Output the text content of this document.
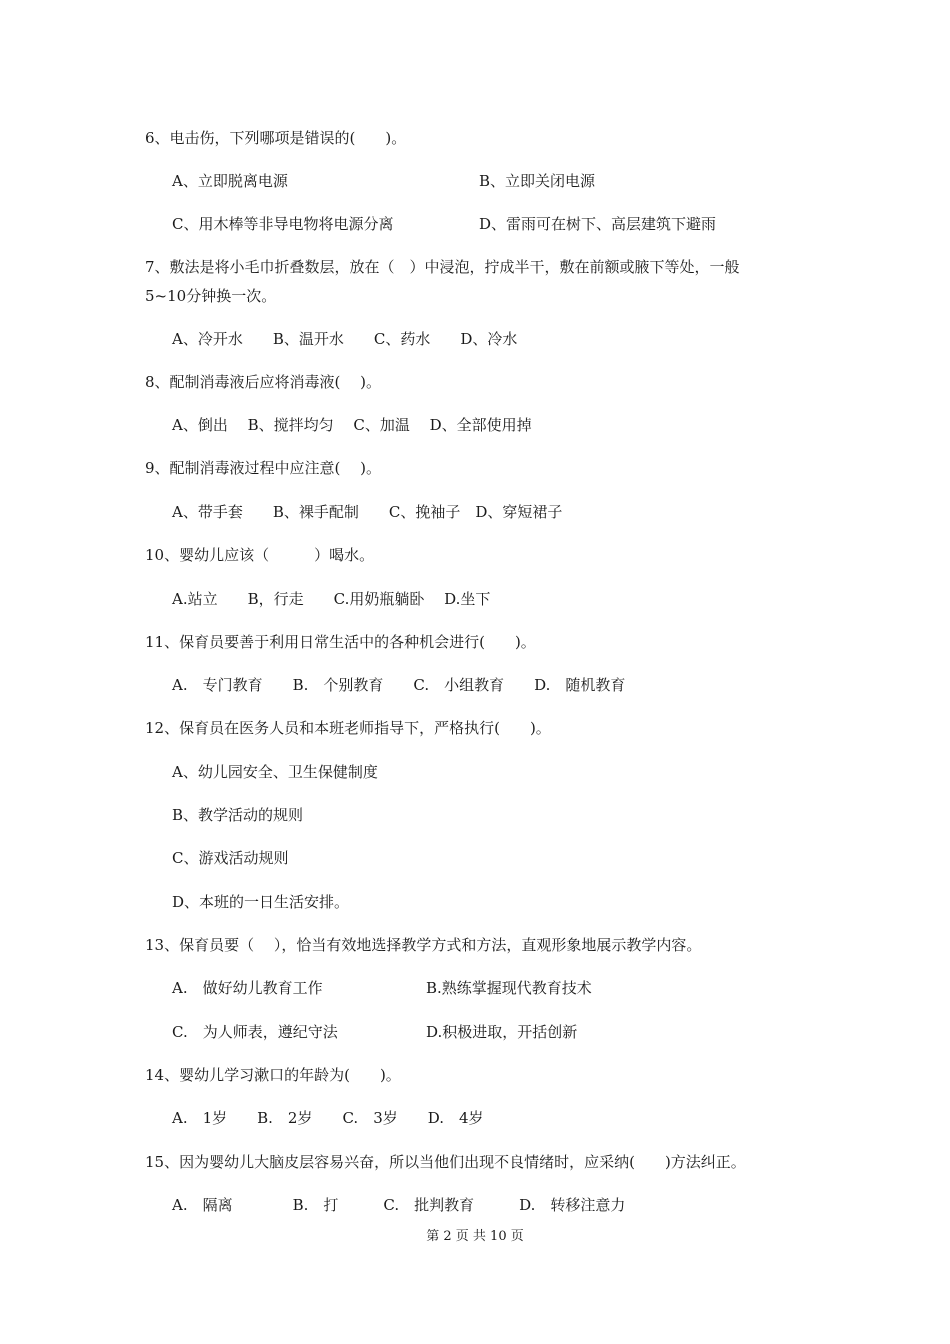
6、电击伤，下列哪项是错误的(　　)。
A、立即脱离电源	B、立即关闭电源
C、用木棒等非导电物将电源分离	D、雷雨可在树下、高层建筑下避雨
7、敷法是将小毛巾折叠数层，放在（　）中浸泡，拧成半干，敷在前额或腋下等处，一般
5~10分钟换一次。
A、冷开水　　B、温开水　　C、药水　　D、冷水
8、配制消毒液后应将消毒液(　 )。
A、倒出　 B、搅拌均匀　 C、加温　 D、全部使用掉
9、配制消毒液过程中应注意(　 )。
A、带手套　　B、裸手配制　　C、挽袖子　D、穿短裙子
10、婴幼儿应该（　　　）喝水。
A.站立　　B，行走　　C.用奶瓶躺卧　 D.坐下
11、保育员要善于利用日常生活中的各种机会进行(　　)。
A.　专门教育　　B.　个别教育　　C.　小组教育　　D.　随机教育
12、保育员在医务人员和本班老师指导下，严格执行(　　)。
A、幼儿园安全、卫生保健制度
B、教学活动的规则
C、游戏活动规则
D、本班的一日生活安排。
13、保育员要（　 ），恰当有效地选择教学方式和方法，直观形象地展示教学内容。
A.　做好幼儿教育工作	B.熟练掌握现代教育技术
C.　为人师表，遵纪守法	D.积极进取，开括创新
14、婴幼儿学习漱口的年龄为(　　)。
A.　1岁　　B.　2岁　　C.　3岁　　D.　4岁
15、因为婴幼儿大脑皮层容易兴奋，所以当他们出现不良情绪时，应采纳(　　)方法纠正。
A.　隔离　　　　B.　打　　　C.　批判教育　　　D.　转移注意力
第 2 页 共 10 页
